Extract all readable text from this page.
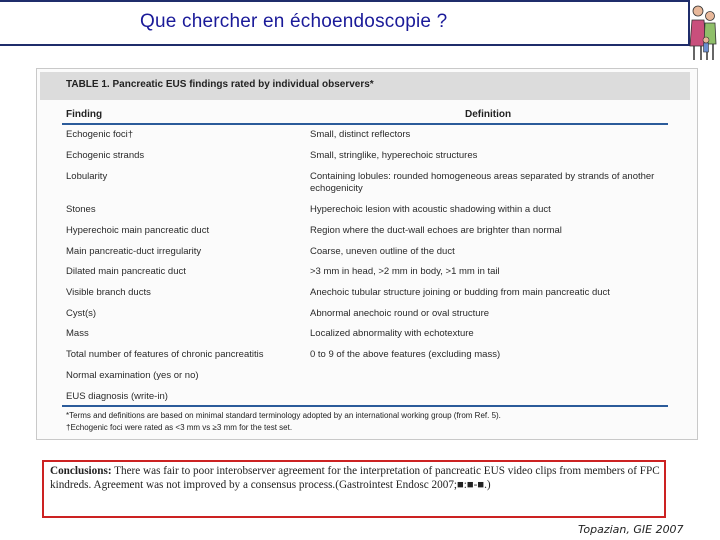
Que chercher en échoendoscopie ?
TABLE 1. Pancreatic EUS findings rated by individual observers*
Finding	Definition
Echogenic foci†	Small, distinct reflectors
Echogenic strands	Small, stringlike, hyperechoic structures
Lobularity	Containing lobules: rounded homogeneous areas separated by strands of another echogenicity
Stones	Hyperechoic lesion with acoustic shadowing within a duct
Hyperechoic main pancreatic duct	Region where the duct-wall echoes are brighter than normal
Main pancreatic-duct irregularity	Coarse, uneven outline of the duct
Dilated main pancreatic duct	>3 mm in head, >2 mm in body, >1 mm in tail
Visible branch ducts	Anechoic tubular structure joining or budding from main pancreatic duct
Cyst(s)	Abnormal anechoic round or oval structure
Mass	Localized abnormality with echotexture
Total number of features of chronic pancreatitis	0 to 9 of the above features (excluding mass)
Normal examination (yes or no)
EUS diagnosis (write-in)
*Terms and definitions are based on minimal standard terminology adopted by an international working group (from Ref. 5).
†Echogenic foci were rated as <3 mm vs ≥3 mm for the test set.
Conclusions: There was fair to poor interobserver agreement for the interpretation of pancreatic EUS video clips from members of FPC kindreds. Agreement was not improved by a consensus process.(Gastrointest Endosc 2007;■:■-■.)
Topazian, GIE 2007
